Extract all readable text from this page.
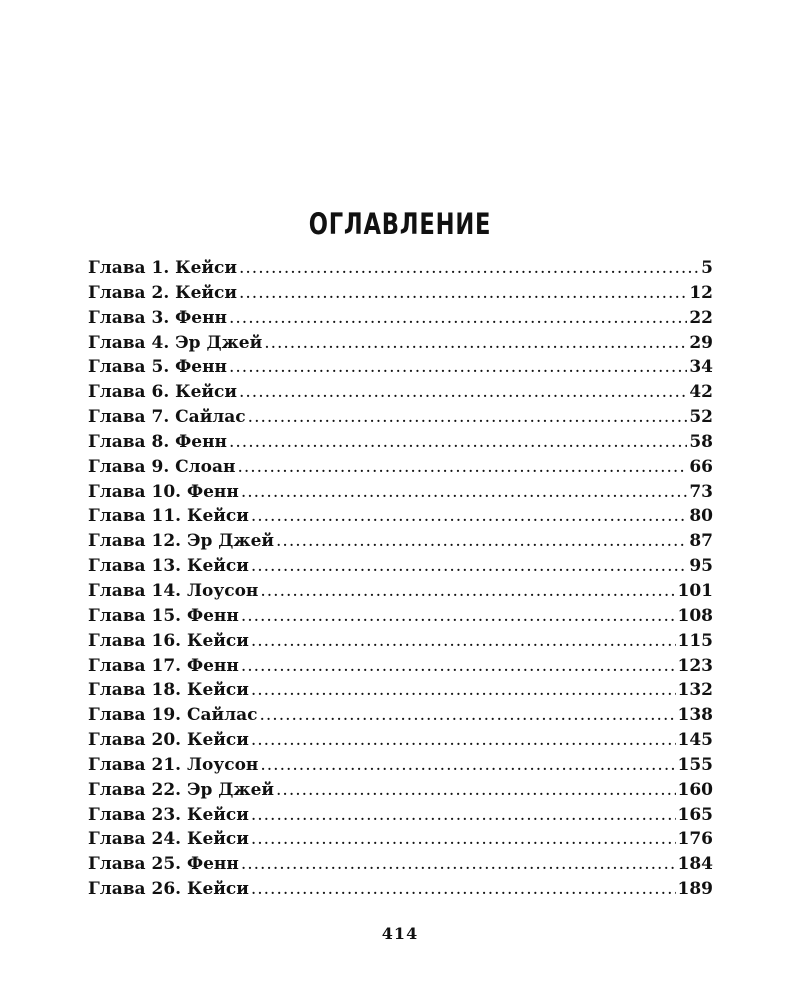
ОГЛАВЛЕНИЕ
Глава 1. Кейси .....	5
Глава 2. Кейси .....	12
Глава 3. Фенн .....	22
Глава 4. Эр Джей .....	29
Глава 5. Фенн .....	34
Глава 6. Кейси .....	42
Глава 7. Сайлас .....	52
Глава 8. Фенн .....	58
Глава 9. Слоан .....	66
Глава 10. Фенн .....	73
Глава 11. Кейси .....	80
Глава 12. Эр Джей .....	87
Глава 13. Кейси .....	95
Глава 14. Лоусон .....	101
Глава 15. Фенн .....	108
Глава 16. Кейси .....	115
Глава 17. Фенн .....	123
Глава 18. Кейси .....	132
Глава 19. Сайлас .....	138
Глава 20. Кейси .....	145
Глава 21. Лоусон .....	155
Глава 22. Эр Джей .....	160
Глава 23. Кейси .....	165
Глава 24. Кейси .....	176
Глава 25. Фенн .....	184
Глава 26. Кейси .....	189
414
